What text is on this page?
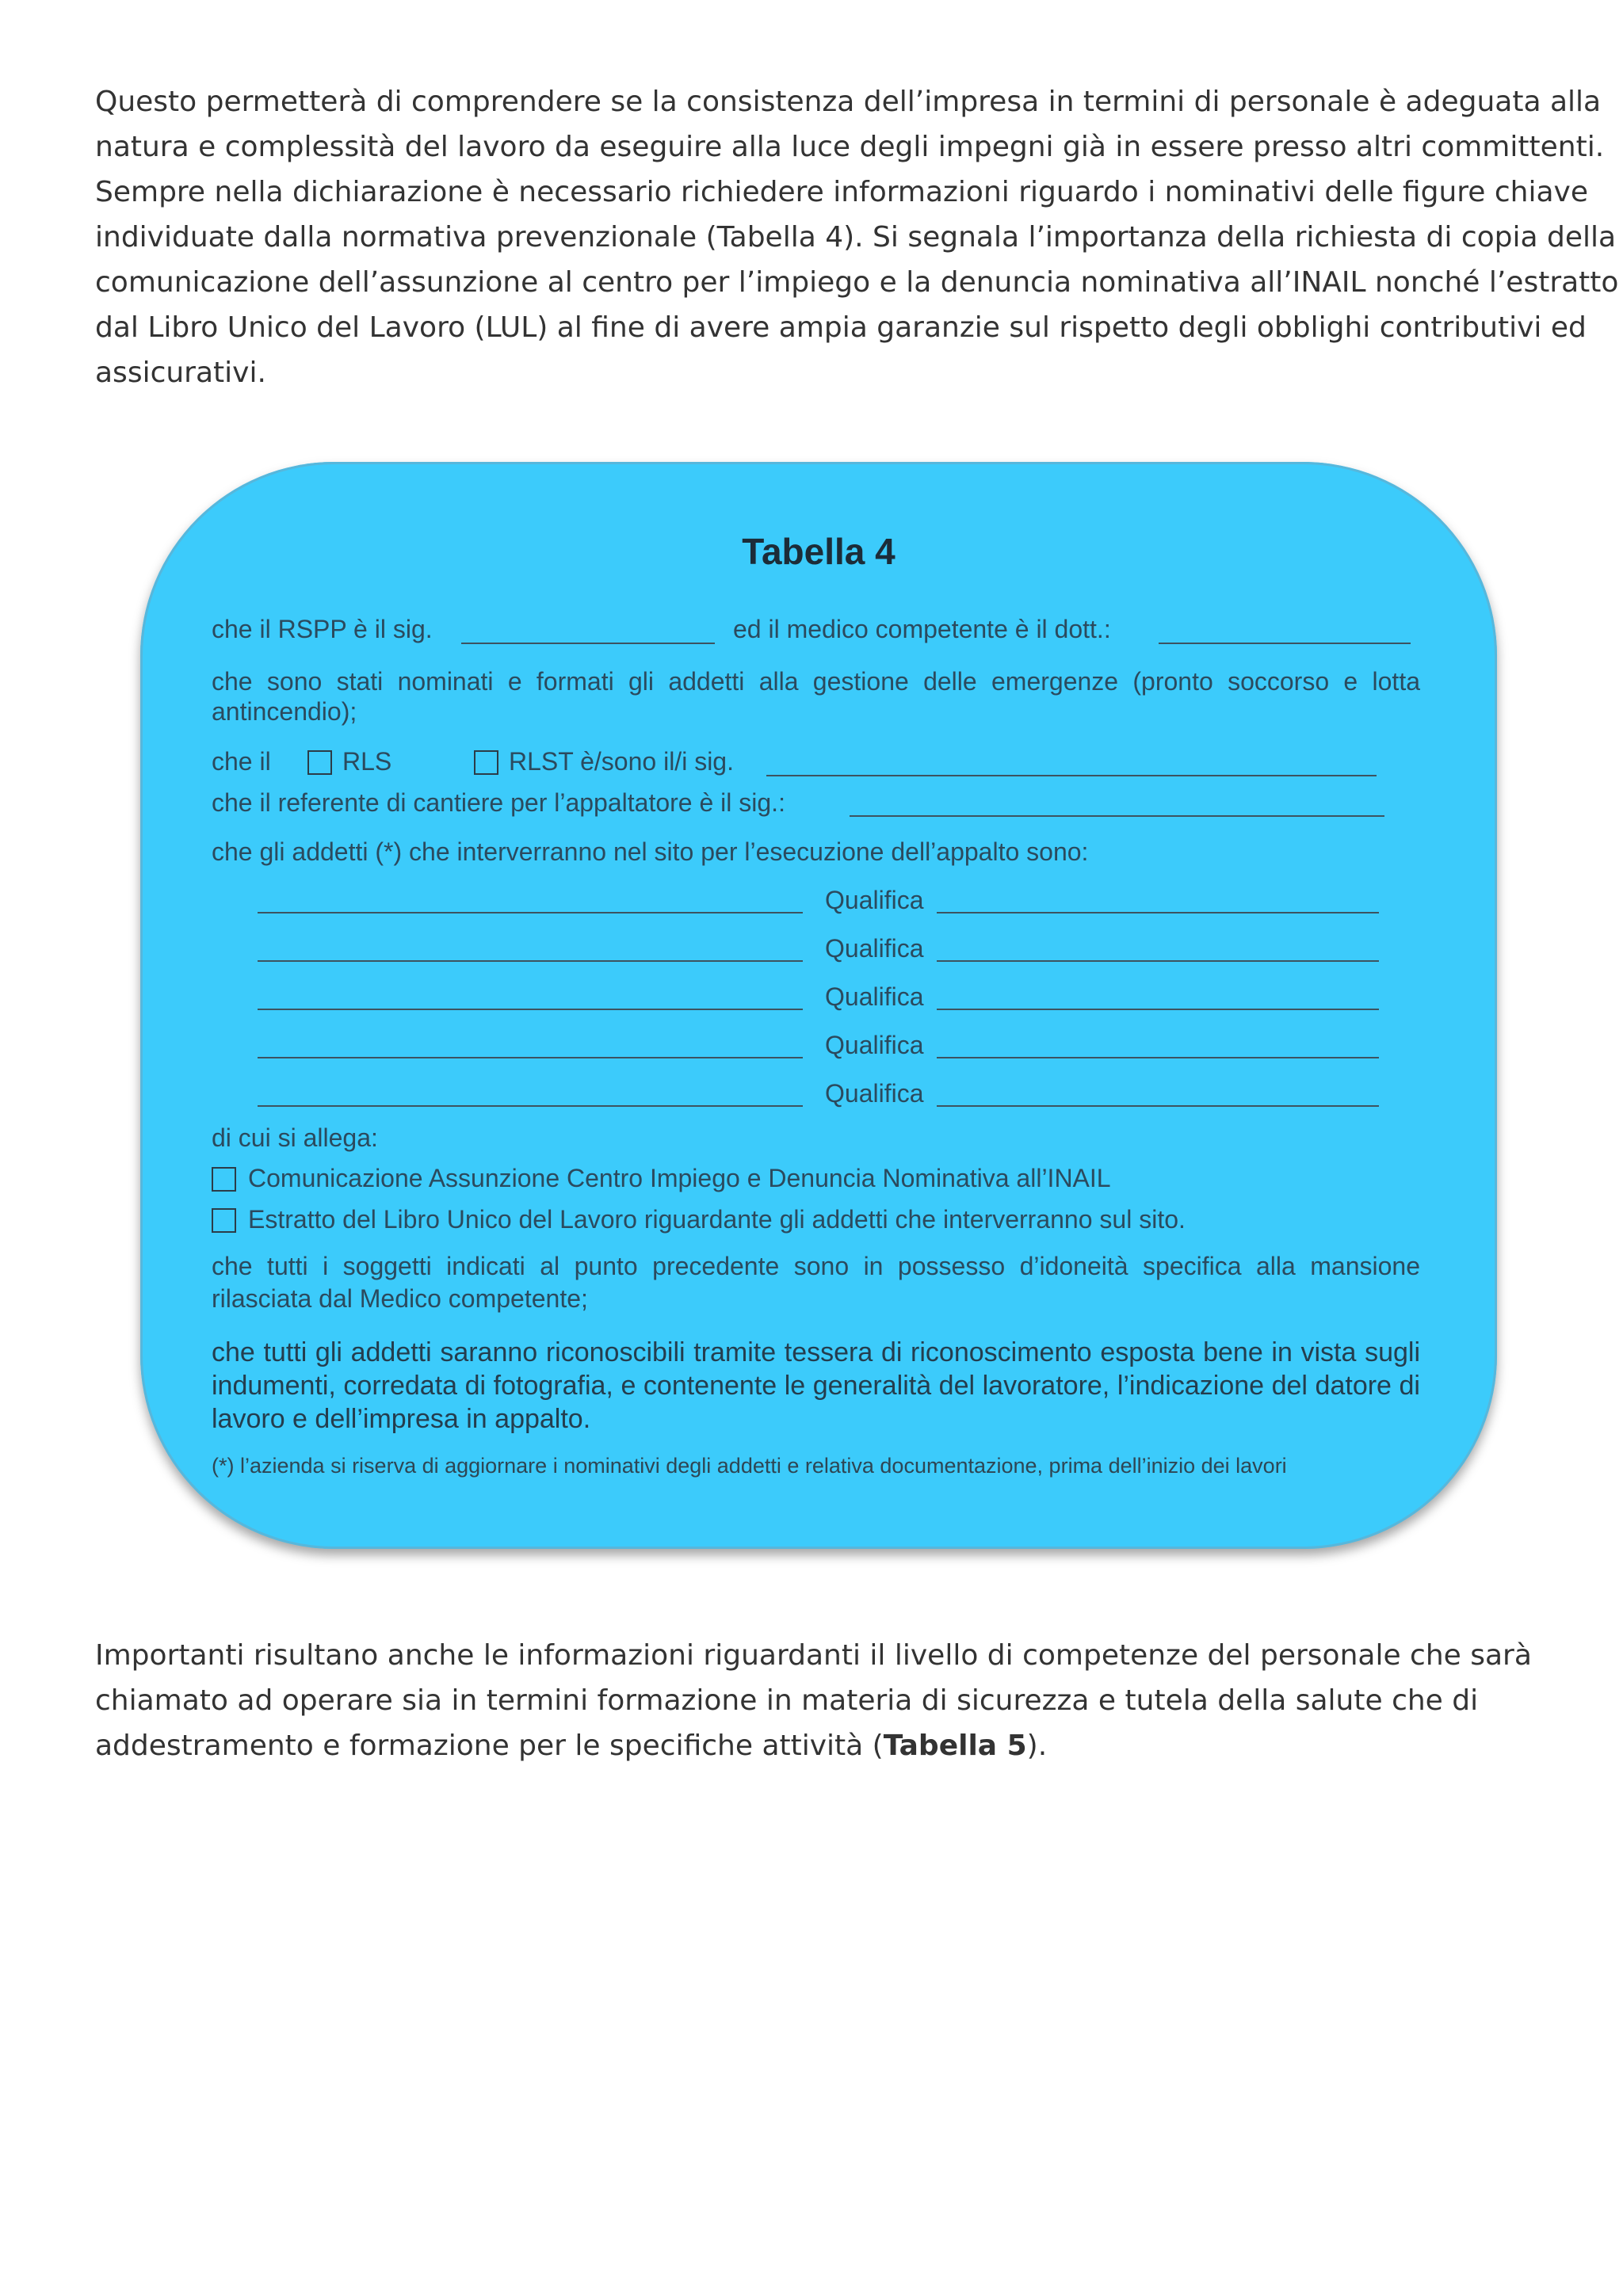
Questo permetterà di comprendere se la consistenza dell’impresa in termini di personale è adeguata alla
natura e complessità del lavoro da eseguire alla luce degli impegni già in essere presso altri committenti.
Sempre nella dichiarazione è necessario richiedere informazioni riguardo i nominativi delle figure chiave
individuate dalla normativa prevenzionale (Tabella 4). Si segnala l’importanza della richiesta di copia della
comunicazione dell’assunzione al centro per l’impiego e la denuncia nominativa all’INAIL nonché l’estratto
dal Libro Unico del Lavoro (LUL) al fine di avere ampia garanzie sul rispetto degli obblighi contributivi ed
assicurativi.

Tabella 4
che il RSPP è il sig.	ed il medico competente è il dott.:
che sono stati nominati e formati gli addetti alla gestione delle emergenze (pronto soccorso e lotta antincendio);
che il	RLS	RLST è/sono il/i sig.
che il referente di cantiere per l’appaltatore è il sig.:
che gli addetti (*) che interverranno nel sito per l’esecuzione dell’appalto sono:
Qualifica
Qualifica
Qualifica
Qualifica
Qualifica
di cui si allega:
Comunicazione Assunzione Centro Impiego e Denuncia Nominativa all’INAIL
Estratto del Libro Unico del Lavoro riguardante gli addetti che interverranno sul sito.
che tutti i soggetti indicati al punto precedente sono in possesso d’idoneità specifica alla mansione rilasciata dal Medico competente;
che tutti gli addetti saranno riconoscibili tramite tessera di riconoscimento esposta bene in vista sugli indumenti, corredata di fotografia, e contenente le generalità del lavoratore, l’indicazione del datore di lavoro e dell’impresa in appalto.
(*) l’azienda si riserva di aggiornare i nominativi degli addetti e relativa documentazione, prima dell’inizio dei lavori

Importanti risultano anche le informazioni riguardanti il livello di competenze del personale che sarà
chiamato ad operare sia in termini formazione in materia di sicurezza e tutela della salute che di
addestramento e formazione per le specifiche attività (Tabella 5).
